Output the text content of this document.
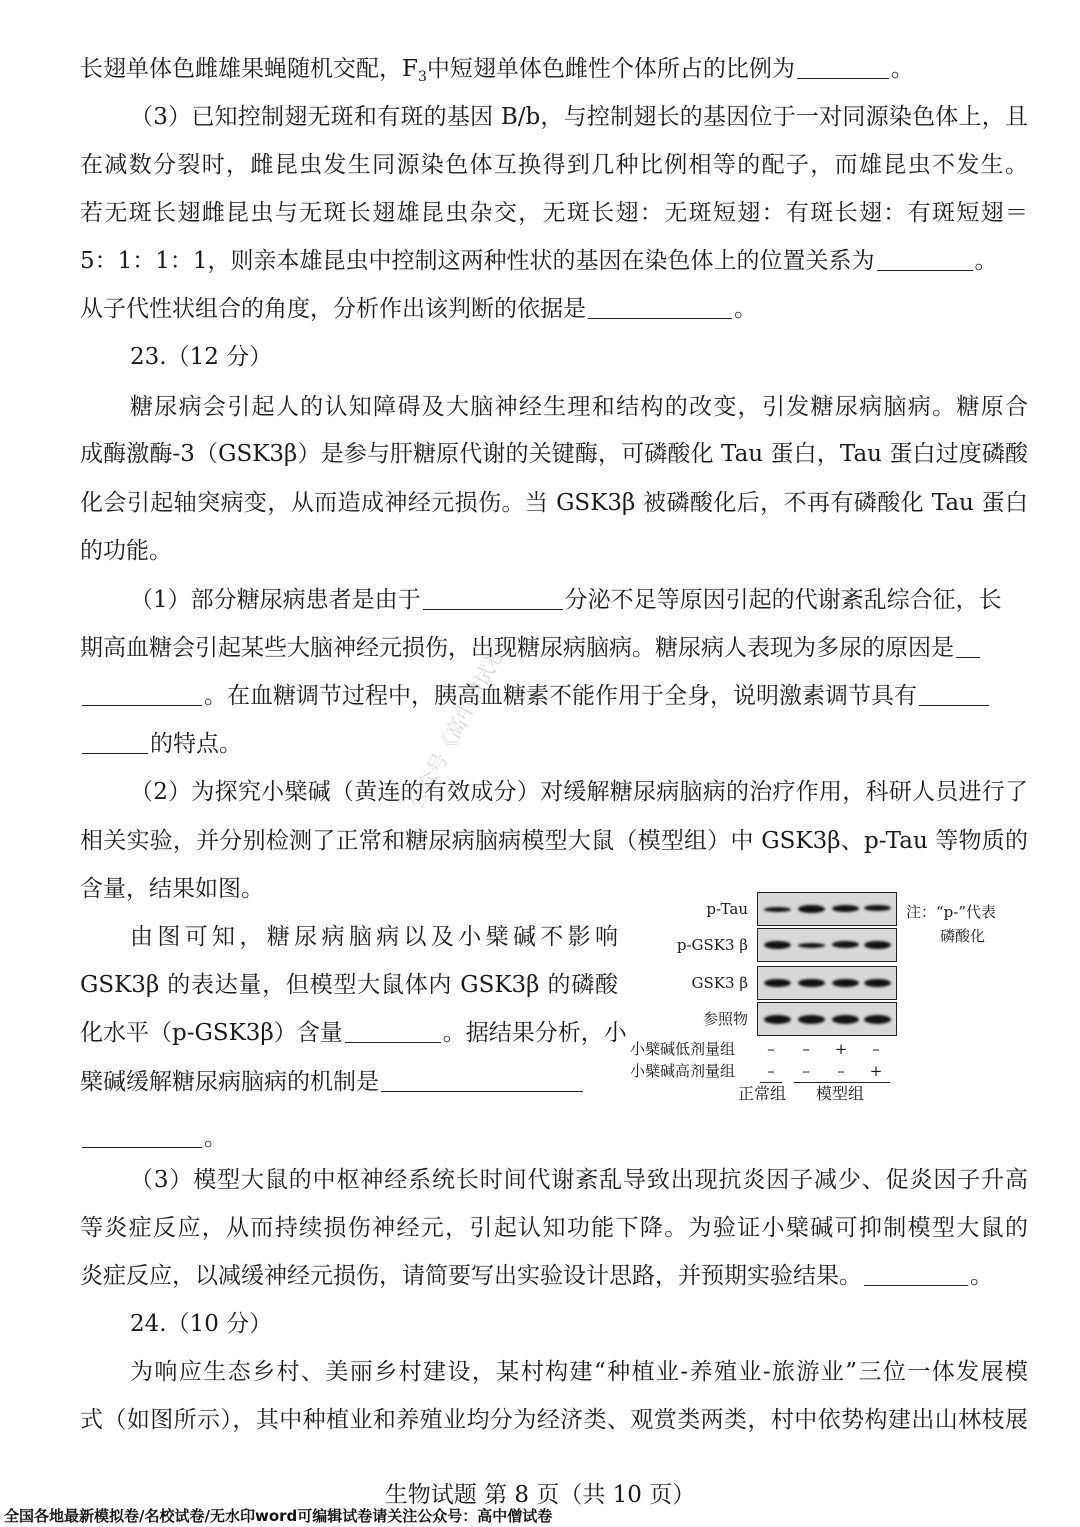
长翅单体色雌雄果蝇随机交配，$F_3$中短翅单体色雌性个体所占的比例为	。
（3）已知控制翅无斑和有斑的基因 B/b，与控制翅长的基因位于一对同源染色体上，且
在减数分裂时，雌昆虫发生同源染色体互换得到几种比例相等的配子，而雄昆虫不发生。
若无斑长翅雌昆虫与无斑长翅雄昆虫杂交，无斑长翅：无斑短翅：有斑长翅：有斑短翅＝
5：1：1：1，则亲本雄昆虫中控制这两种性状的基因在染色体上的位置关系为	。
从子代性状组合的角度，分析作出该判断的依据是	。
23.（12 分）
糖尿病会引起人的认知障碍及大脑神经生理和结构的改变，引发糖尿病脑病。糖原合
成酶激酶-3（GSK3β）是参与肝糖原代谢的关键酶，可磷酸化 Tau 蛋白，Tau 蛋白过度磷酸
化会引起轴突病变，从而造成神经元损伤。当 GSK3β 被磷酸化后，不再有磷酸化 Tau 蛋白
的功能。
（1）部分糖尿病患者是由于	分泌不足等原因引起的代谢紊乱综合征，长
期高血糖会引起某些大脑神经元损伤，出现糖尿病脑病。糖尿病人表现为多尿的原因是
。在血糖调节过程中，胰高血糖素不能作用于全身，说明激素调节具有
的特点。
（2）为探究小檗碱（黄连的有效成分）对缓解糖尿病脑病的治疗作用，科研人员进行了
相关实验，并分别检测了正常和糖尿病脑病模型大鼠（模型组）中 GSK3β、p-Tau 等物质的
含量，结果如图。
由图可知，糖尿病脑病以及小檗碱不影响
GSK3β 的表达量，但模型大鼠体内 GSK3β 的磷酸
化水平（p-GSK3β）含量	。据结果分析，小
檗碱缓解糖尿病脑病的机制是
。
（3）模型大鼠的中枢神经系统长时间代谢紊乱导致出现抗炎因子减少、促炎因子升高
等炎症反应，从而持续损伤神经元，引起认知功能下降。为验证小檗碱可抑制模型大鼠的
炎症反应，以减缓神经元损伤，请简要写出实验设计思路，并预期实验结果。	。
24.（10 分）
为响应生态乡村、美丽乡村建设，某村构建“种植业-养殖业-旅游业”三位一体发展模
式（如图所示），其中种植业和养殖业均分为经济类、观赏类两类，村中依势构建出山林枝展
p-Tau
p-GSK3 β
GSK3 β
参照物
注：“p-”代表
磷酸化
小檗碱低剂量组	–	–	+	–
小檗碱高剂量组	–	–	–	+
正常组 模型组
公众号《高中僧试卷》
生物试题 第 8 页（共 10 页）
全国各地最新模拟卷/名校试卷/无水印word可编辑试卷请关注公众号：高中僧试卷
